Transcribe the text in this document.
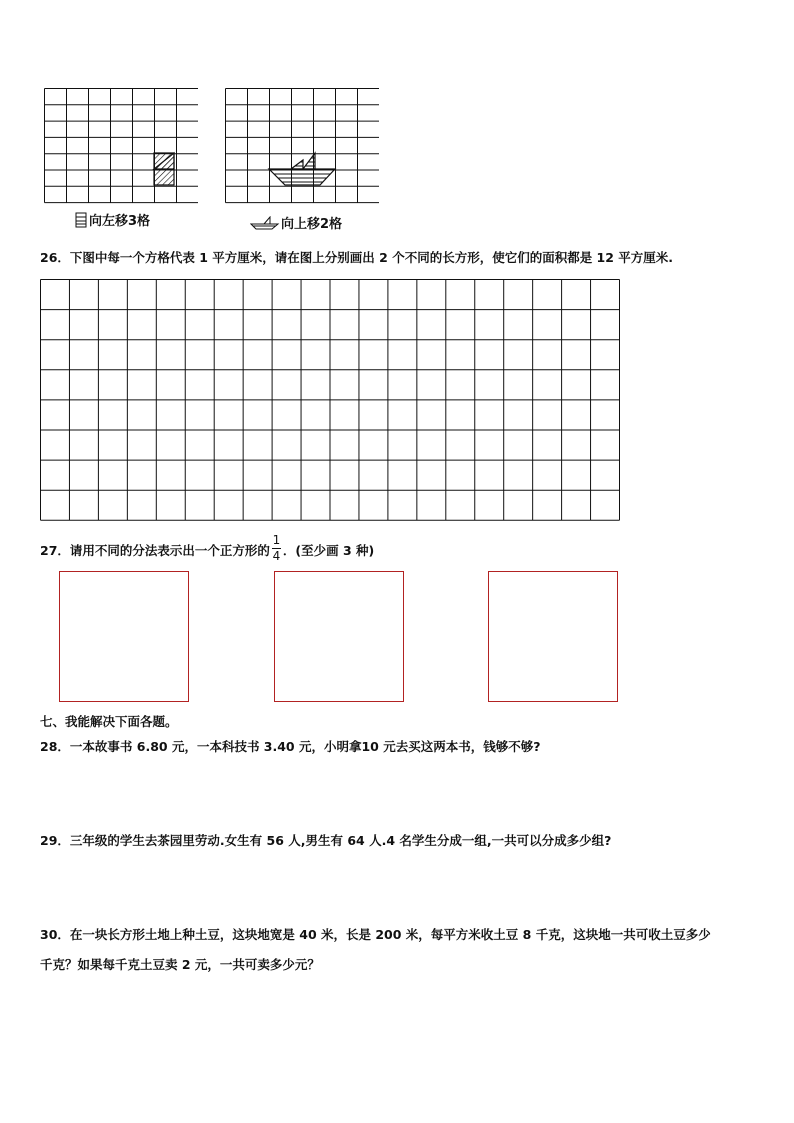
向左移3格	向上移2格
26．下图中每一个方格代表 1 平方厘米，请在图上分别画出 2 个不同的长方形，使它们的面积都是 12 平方厘米.
27．请用不同的分法表示出一个正方形的 $\frac{1}{4}$ ．(至少画 3 种)
七、我能解决下面各题。
28．一本故事书 6.80 元，一本科技书 3.40 元，小明拿10 元去买这两本书，钱够不够?
29．三年级的学生去茶园里劳动.女生有 56 人,男生有 64 人.4 名学生分成一组,一共可以分成多少组?
30．在一块长方形土地上种土豆，这块地宽是 40 米，长是 200 米，每平方米收土豆 8 千克，这块地一共可收土豆多少
千克？如果每千克土豆卖 2 元，一共可卖多少元？
